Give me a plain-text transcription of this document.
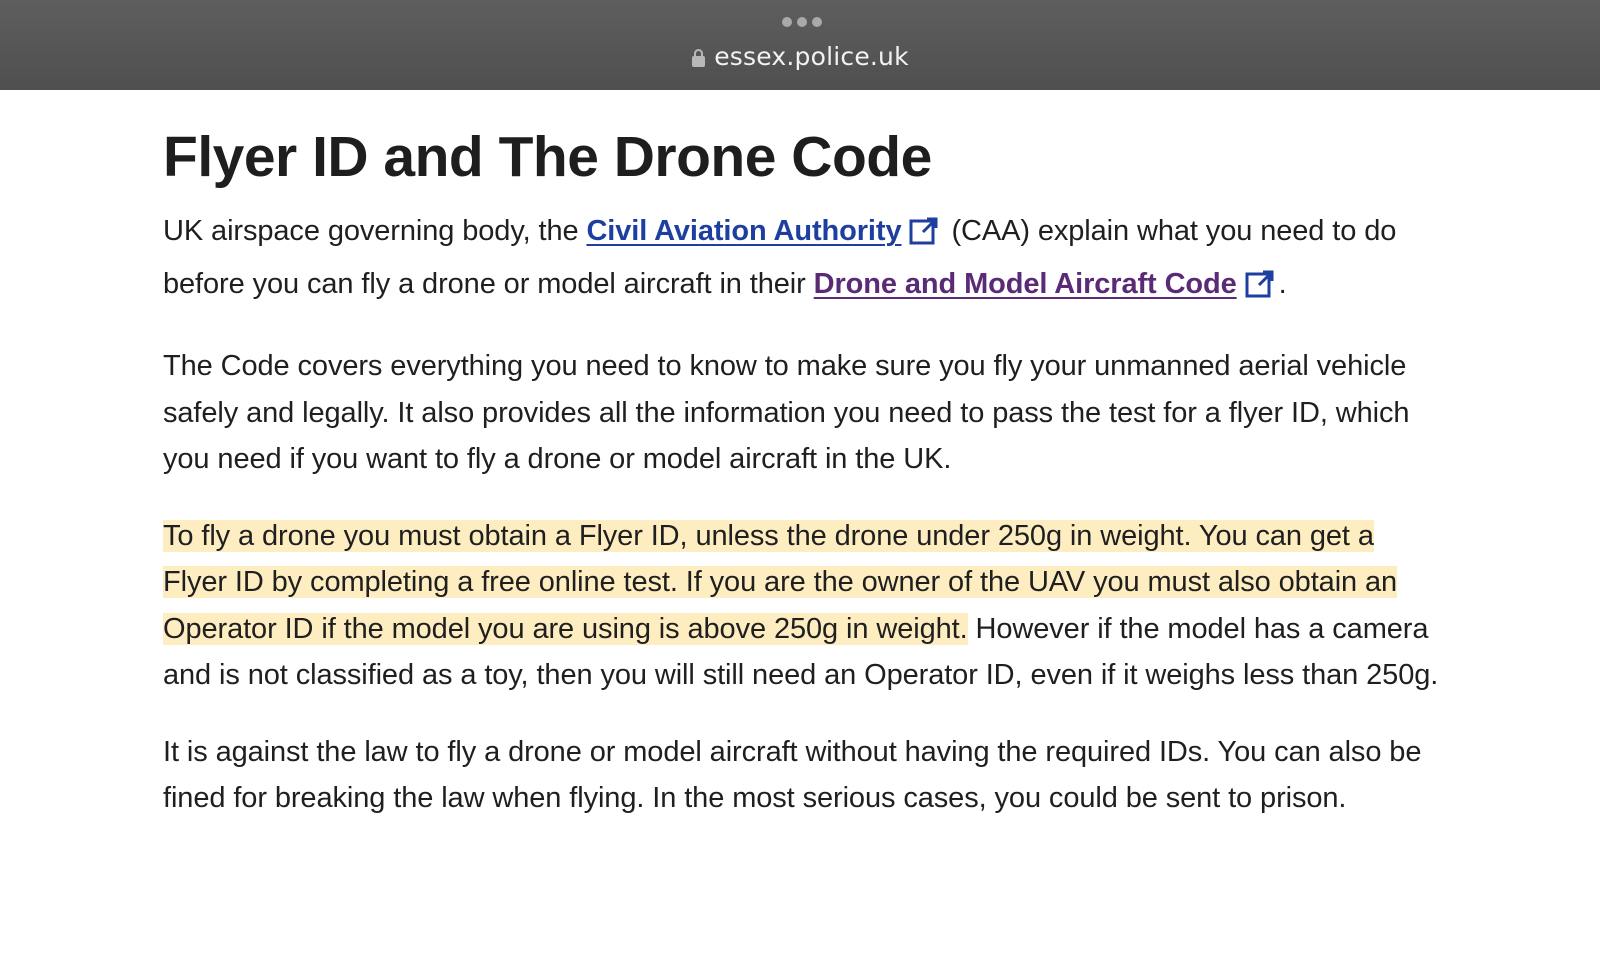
essex.police.uk
Flyer ID and The Drone Code

UK airspace governing body, the Civil Aviation Authority (CAA) explain what you need to do before you can fly a drone or model aircraft in their Drone and Model Aircraft Code .

The Code covers everything you need to know to make sure you fly your unmanned aerial vehicle safely and legally. It also provides all the information you need to pass the test for a flyer ID, which you need if you want to fly a drone or model aircraft in the UK.

To fly a drone you must obtain a Flyer ID, unless the drone under 250g in weight. You can get a Flyer ID by completing a free online test. If you are the owner of the UAV you must also obtain an Operator ID if the model you are using is above 250g in weight. However if the model has a camera and is not classified as a toy, then you will still need an Operator ID, even if it weighs less than 250g.

It is against the law to fly a drone or model aircraft without having the required IDs. You can also be fined for breaking the law when flying. In the most serious cases, you could be sent to prison.
